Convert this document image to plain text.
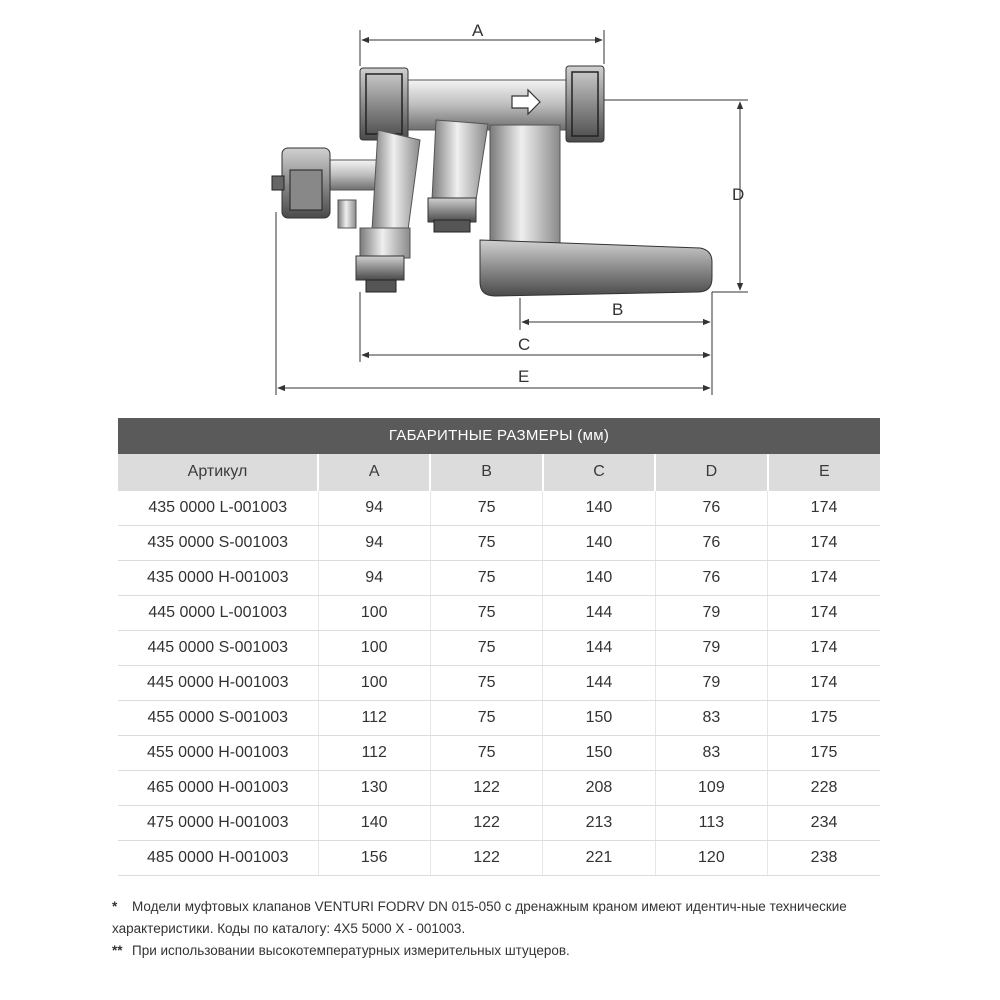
A
D
B
C
E
ГАБАРИТНЫЕ РАЗМЕРЫ (мм)
Артикул	A	B	C	D	E
435 0000 L-001003	94	75	140	76	174
435 0000 S-001003	94	75	140	76	174
435 0000 H-001003	94	75	140	76	174
445 0000 L-001003	100	75	144	79	174
445 0000 S-001003	100	75	144	79	174
445 0000 H-001003	100	75	144	79	174
455 0000 S-001003	112	75	150	83	175
455 0000 H-001003	112	75	150	83	175
465 0000 H-001003	130	122	208	109	228
475 0000 H-001003	140	122	213	113	234
485 0000 H-001003	156	122	221	120	238

* Модели муфтовых клапанов VENTURI FODRV DN 015-050 с дренажным краном имеют идентич-ные технические характеристики. Коды по каталогу: 4Х5 5000 Х - 001003.

** При использовании высокотемпературных измерительных штуцеров.
